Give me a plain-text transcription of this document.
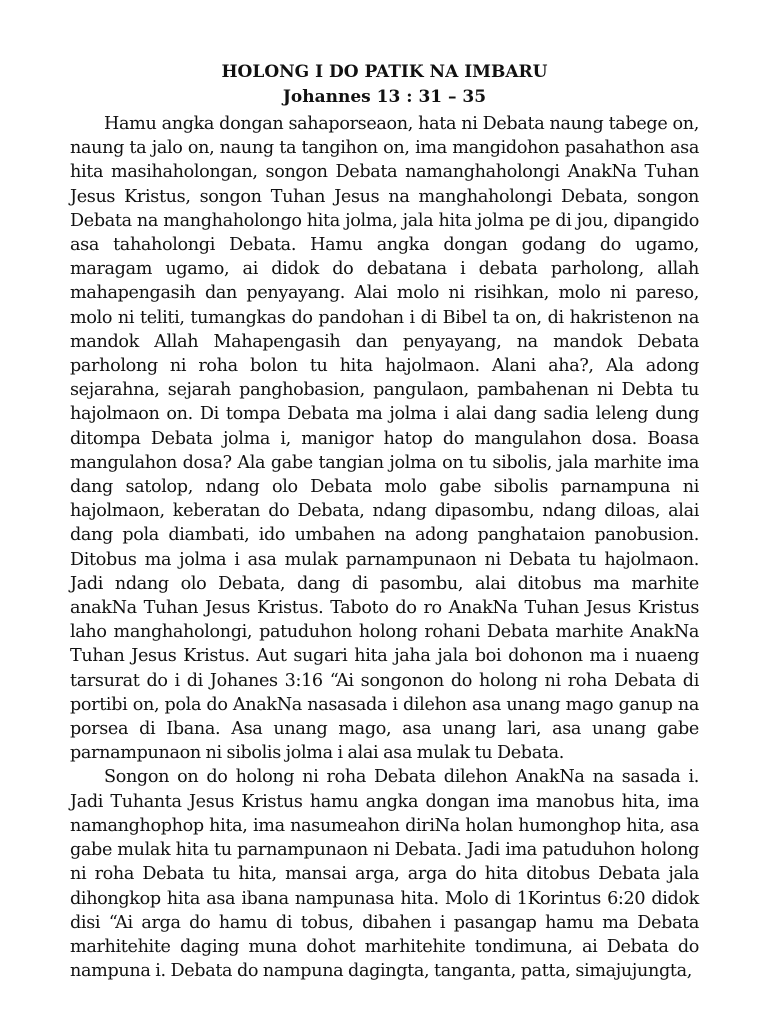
HOLONG I DO PATIK NA IMBARU
Johannes 13 : 31 – 35

Hamu angka dongan sahaporseaon, hata ni Debata naung tabege on, naung ta jalo on, naung ta tangihon on, ima mangidohon pasahathon asa hita masihaholongan, songon Debata namanghaholongi AnakNa Tuhan Jesus Kristus, songon Tuhan Jesus na manghaholongi Debata, songon Debata na manghaholongo hita jolma, jala hita jolma pe di jou, dipangido asa tahaholongi Debata. Hamu angka dongan godang do ugamo, maragam ugamo, ai didok do debatana i debata parholong, allah mahapengasih dan penyayang. Alai molo ni risihkan, molo ni pareso, molo ni teliti, tumangkas do pandohan i di Bibel ta on, di hakristenon na mandok Allah Mahapengasih dan penyayang, na mandok Debata parholong ni roha bolon tu hita hajolmaon. Alani aha?, Ala adong sejarahna, sejarah panghobasion, pangulaon, pambahenan ni Debta tu hajolmaon on. Di tompa Debata ma jolma i alai dang sadia leleng dung ditompa Debata jolma i, manigor hatop do mangulahon dosa. Boasa mangulahon dosa? Ala gabe tangian jolma on tu sibolis, jala marhite ima dang satolop, ndang olo Debata molo gabe sibolis parnampuna ni hajolmaon, keberatan do Debata, ndang dipasombu, ndang diloas, alai dang pola diambati, ido umbahen na adong panghataion panobusion. Ditobus ma jolma i asa mulak parnampunaon ni Debata tu hajolmaon. Jadi ndang olo Debata, dang di pasombu, alai ditobus ma marhite anakNa Tuhan Jesus Kristus. Taboto do ro AnakNa Tuhan Jesus Kristus laho manghaholongi, patuduhon holong rohani Debata marhite AnakNa Tuhan Jesus Kristus. Aut sugari hita jaha jala boi dohonon ma i nuaeng tarsurat do i di Johanes 3:16 “Ai songonon do holong ni roha Debata di portibi on, pola do AnakNa nasasada i dilehon asa unang mago ganup na porsea di Ibana. Asa unang mago, asa unang lari, asa unang gabe parnampunaon ni sibolis jolma i alai asa mulak tu Debata.

Songon on do holong ni roha Debata dilehon AnakNa na sasada i. Jadi Tuhanta Jesus Kristus hamu angka dongan ima manobus hita, ima namanghophop hita, ima nasumeahon diriNa holan humonghop hita, asa gabe mulak hita tu parnampunaon ni Debata. Jadi ima patuduhon holong ni roha Debata tu hita, mansai arga, arga do hita ditobus Debata jala dihongkop hita asa ibana nampunasa hita. Molo di 1Korintus 6:20 didok disi “Ai arga do hamu di tobus, dibahen i pasangap hamu ma Debata marhitehite daging muna dohot marhitehite tondimuna, ai Debata do nampuna i. Debata do nampuna dagingta, tanganta, patta, simajujungta,
